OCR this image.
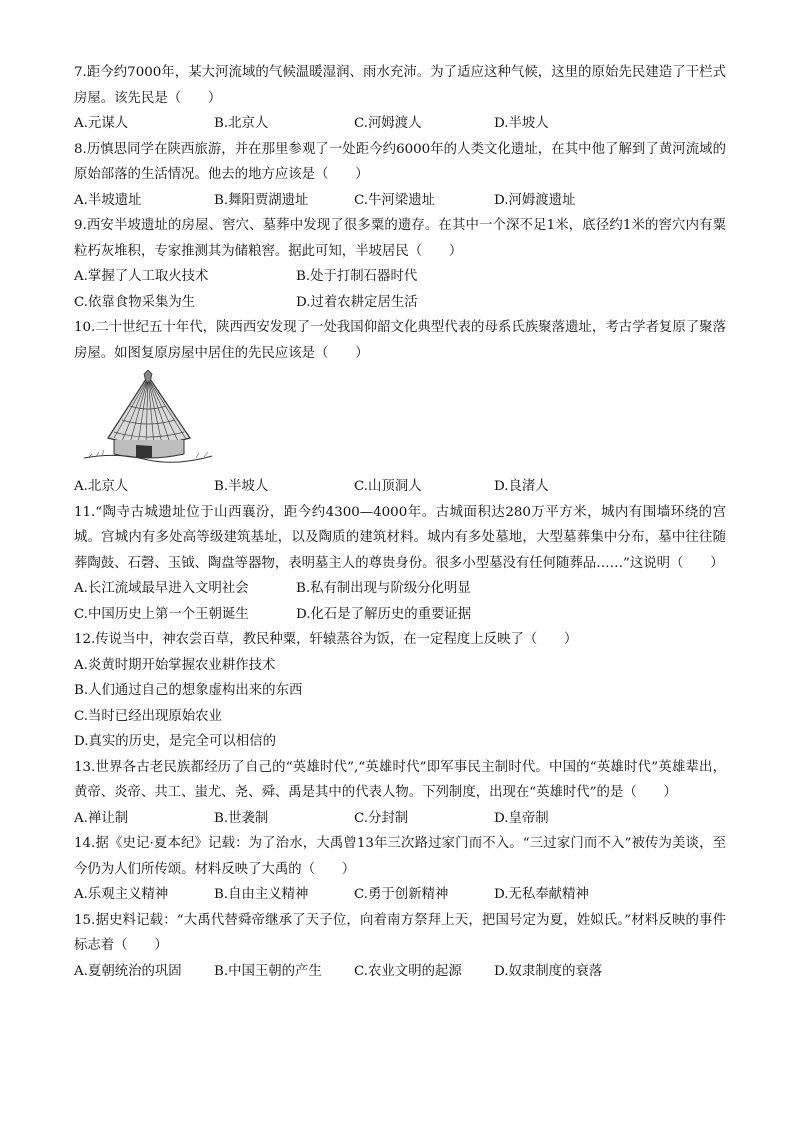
7.距今约7000年，某大河流域的气候温暖湿润、雨水充沛。为了适应这种气候，这里的原始先民建造了干栏式房屋。该先民是（　　）

A.元谋人	B.北京人	C.河姆渡人	D.半坡人

8.历慎思同学在陕西旅游，并在那里参观了一处距今约6000年的人类文化遗址，在其中他了解到了黄河流域的原始部落的生活情况。他去的地方应该是（　　）

A.半坡遗址	B.舞阳贾湖遗址	C.牛河梁遗址	D.河姆渡遗址

9.西安半坡遗址的房屋、窖穴、墓葬中发现了很多粟的遗存。在其中一个深不足1米，底径约1米的窖穴内有粟粒朽灰堆积，专家推测其为储粮窖。据此可知，半坡居民（　　）

A.掌握了人工取火技术	B.处于打制石器时代
C.依靠食物采集为生	D.过着农耕定居生活

10.二十世纪五十年代，陕西西安发现了一处我国仰韶文化典型代表的母系氏族聚落遗址，考古学者复原了聚落房屋。如图复原房屋中居住的先民应该是（　　）

A.北京人	B.半坡人	C.山顶洞人	D.良渚人

11.“陶寺古城遗址位于山西襄汾，距今约4300—4000年。古城面积达280万平方米，城内有围墙环绕的宫城。宫城内有多处高等级建筑基址，以及陶质的建筑材料。城内有多处墓地，大型墓葬集中分布，墓中往往随葬陶鼓、石磬、玉钺、陶盘等器物，表明墓主人的尊贵身份。很多小型墓没有任何随葬品……”这说明（　　）

A.长江流域最早进入文明社会	B.私有制出现与阶级分化明显
C.中国历史上第一个王朝诞生	D.化石是了解历史的重要证据

12.传说当中，神农尝百草，教民种粟，轩辕蒸谷为饭，在一定程度上反映了（　　）

A.炎黄时期开始掌握农业耕作技术
B.人们通过自己的想象虚构出来的东西
C.当时已经出现原始农业
D.真实的历史，是完全可以相信的

13.世界各古老民族都经历了自己的“英雄时代”,“英雄时代”即军事民主制时代。中国的“英雄时代”英雄辈出，黄帝、炎帝、共工、蚩尤、尧、舜、禹是其中的代表人物。下列制度，出现在“英雄时代”的是（　　）

A.禅让制	B.世袭制	C.分封制	D.皇帝制

14.据《史记·夏本纪》记载：为了治水，大禹曾13年三次路过家门而不入。“三过家门而不入”被传为美谈，至今仍为人们所传颂。材料反映了大禹的（　　）

A.乐观主义精神	B.自由主义精神	C.勇于创新精神	D.无私奉献精神

15.据史料记载：“大禹代替舜帝继承了天子位，向着南方祭拜上天，把国号定为夏，姓姒氏。”材料反映的事件标志着（　　）

A.夏朝统治的巩固	B.中国王朝的产生	C.农业文明的起源	D.奴隶制度的衰落
